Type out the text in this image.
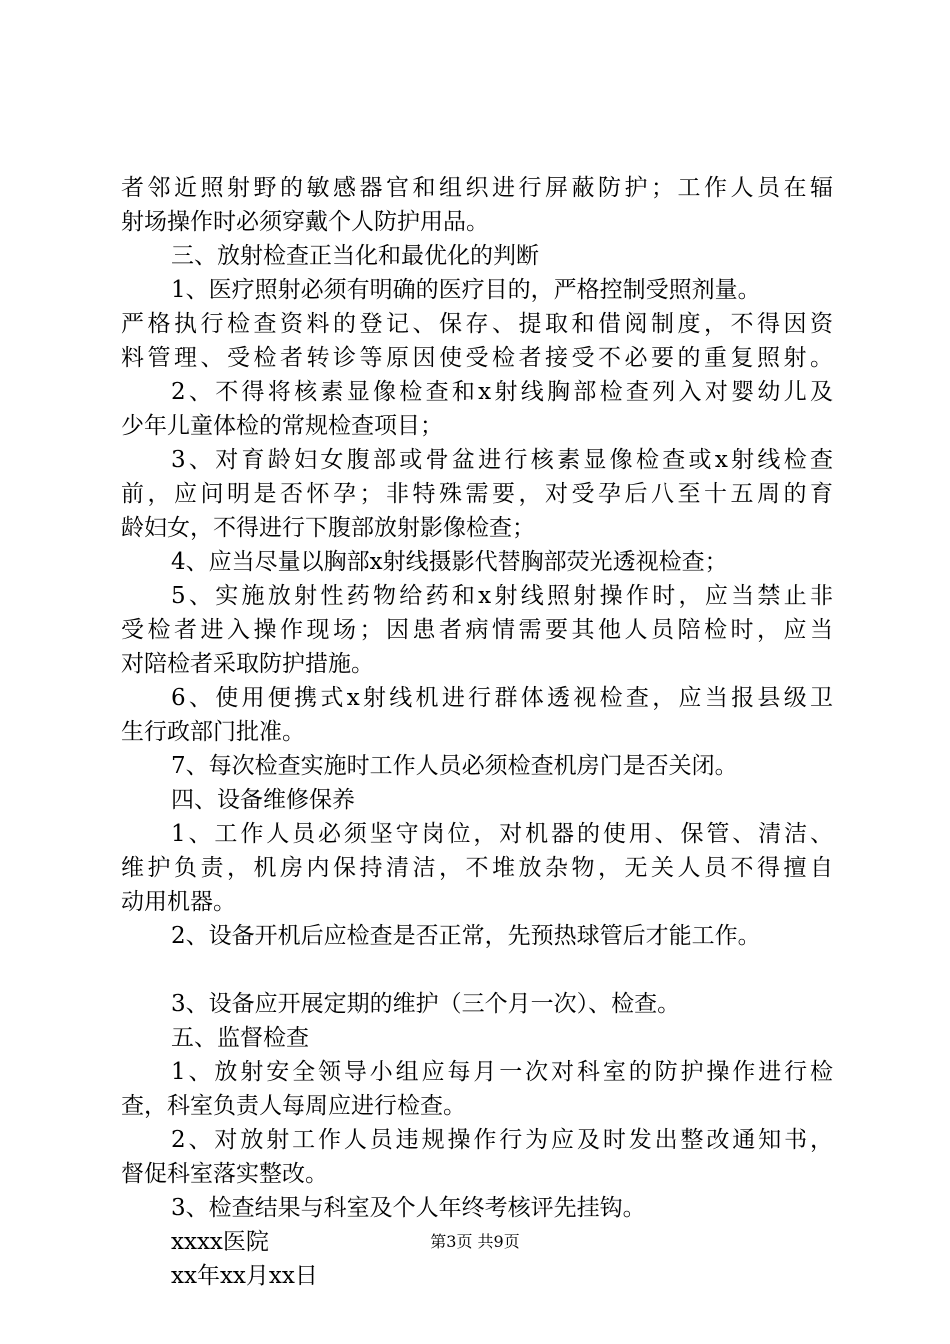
者邻近照射野的敏感器官和组织进行屏蔽防护；工作人员在辐
射场操作时必须穿戴个人防护用品。
三、放射检查正当化和最优化的判断
1、医疗照射必须有明确的医疗目的，严格控制受照剂量。
严格执行检查资料的登记、保存、提取和借阅制度，不得因资
料管理、受检者转诊等原因使受检者接受不必要的重复照射。
2、不得将核素显像检查和x射线胸部检查列入对婴幼儿及
少年儿童体检的常规检查项目；
3、对育龄妇女腹部或骨盆进行核素显像检查或x射线检查
前，应问明是否怀孕；非特殊需要，对受孕后八至十五周的育
龄妇女，不得进行下腹部放射影像检查；
4、应当尽量以胸部x射线摄影代替胸部荧光透视检查；
5、实施放射性药物给药和x射线照射操作时，应当禁止非
受检者进入操作现场；因患者病情需要其他人员陪检时，应当
对陪检者采取防护措施。
6、使用便携式x射线机进行群体透视检查，应当报县级卫
生行政部门批准。
7、每次检查实施时工作人员必须检查机房门是否关闭。
四、设备维修保养
1、工作人员必须坚守岗位，对机器的使用、保管、清洁、
维护负责，机房内保持清洁，不堆放杂物，无关人员不得擅自
动用机器。
2、设备开机后应检查是否正常，先预热球管后才能工作。
3、设备应开展定期的维护（三个月一次）、检查。
五、监督检查
1、放射安全领导小组应每月一次对科室的防护操作进行检
查，科室负责人每周应进行检查。
2、对放射工作人员违规操作行为应及时发出整改通知书，
督促科室落实整改。
3、检查结果与科室及个人年终考核评先挂钩。
xxxx医院
xx年xx月xx日
第3页 共9页
